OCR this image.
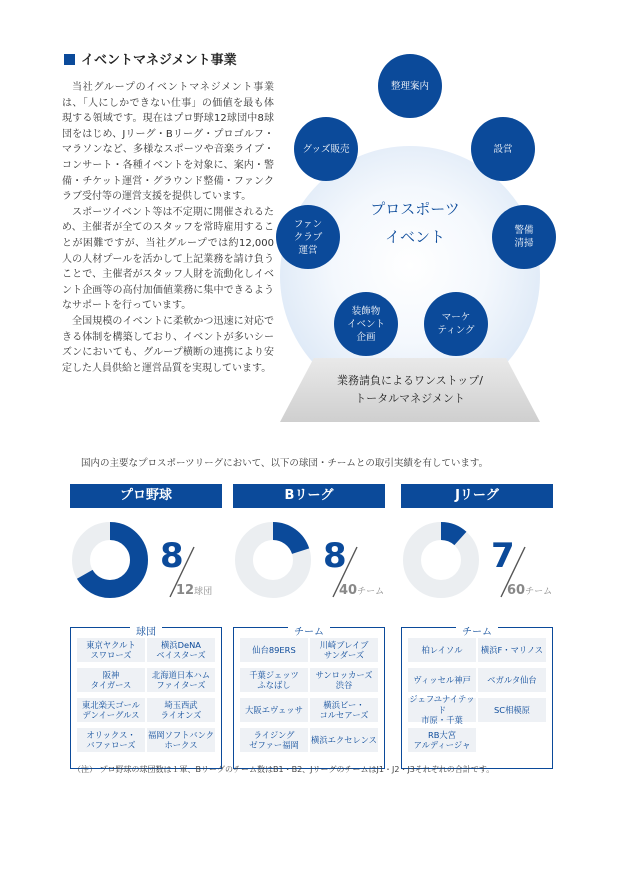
イベントマネジメント事業

当社グループのイベントマネジメント事業は、「人にしかできない仕事」の価値を最も体現する領域です。現在はプロ野球12球団中8球団をはじめ、Jリーグ・Bリーグ・プロゴルフ・マラソンなど、多様なスポーツや音楽ライブ・コンサート・各種イベントを対象に、案内・警備・チケット運営・グラウンド整備・ファンクラブ受付等の運営支援を提供しています。

スポーツイベント等は不定期に開催されるため、主催者が全てのスタッフを常時雇用することが困難ですが、当社グループでは約12,000人の人材プールを活かして上記業務を請け負うことで、主催者がスタッフ人財を流動化しイベント企画等の高付加価値業務に集中できるようなサポートを行っています。

全国規模のイベントに柔軟かつ迅速に対応できる体制を構築しており、イベントが多いシーズンにおいても、グループ横断の連携により安定した人員供給と運営品質を実現しています。

プロスポーツ
イベント
整理案内
設営
警備
清掃
マーケ
ティング
装飾物
イベント
企画
ファン
クラブ
運営
グッズ販売
業務請負によるワンストップ/
トータルマネジメント
国内の主要なプロスポーツリーグにおいて、以下の球団・チームとの取引実績を有しています。
プロ野球
8
12球団
球団
東京ヤクルト
スワローズ
横浜DeNA
ベイスターズ
阪神
タイガース
北海道日本ハム
ファイターズ
東北楽天ゴール
デンイーグルス
埼玉西武
ライオンズ
オリックス・
バファローズ
福岡ソフトバンク
ホークス
Bリーグ
8
40チーム
チーム
仙台89ERS
川崎ブレイブ
サンダーズ
千葉ジェッツ
ふなばし
サンロッカーズ
渋谷
大阪エヴェッサ
横浜ビー・
コルセアーズ
ライジング
ゼファー福岡
横浜エクセレンス
Jリーグ
7
60チーム
チーム
柏レイソル	横浜F・マリノス
ヴィッセル神戸	ベガルタ仙台
ジェフユナイテッド
市原・千葉
SC相模原
RB大宮
アルディージャ
（注） プロ野球の球団数は１軍、Bリーグのチーム数はB1・B2、JリーグのチームはJ1・J2・J3それぞれの合計です。
